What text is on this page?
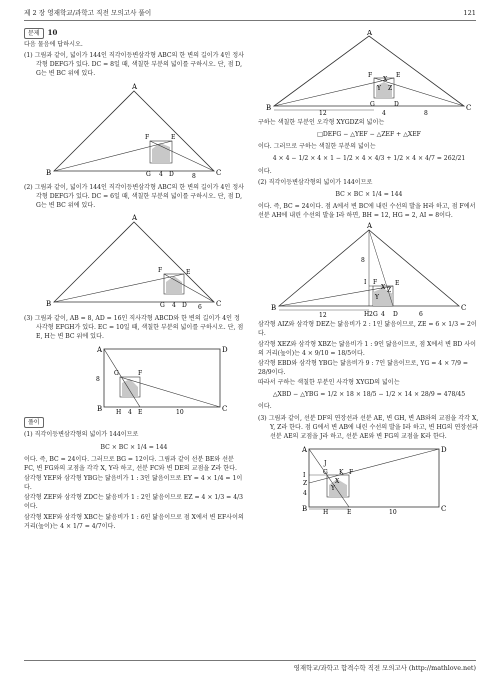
제 2 장 영재학교/과학고 직전 모의고사 풀이	121

문제 10

다음 물음에 답하시오.

(1) 그림과 같이, 넓이가 144인 직각이등변삼각형 ABC의 한 변의 길이가 4인 정사각형 DEFG가 있다. DC = 8일 때, 색칠한 부분의 넓이를 구하시오. 단, 점 D, G는 변 BC 위에 있다.

A
B	C
D
E
F
G 4	8

(2) 그림과 같이, 넓이가 144인 직각이등변삼각형 ABC의 한 변의 길이가 4인 정사각형 DEFG가 있다. DC = 6일 때, 색칠한 부분의 넓이를 구하시오. 단, 점 D, G는 변 BC 위에 있다.

A
B	C
D
E
F
G 4	6

(3) 그림과 같이, AB = 8, AD = 16인 직사각형 ABCD와 한 변의 길이가 4인 정사각형 EFGH가 있다. EC = 10일 때, 색칠한 부분의 넓이를 구하시오. 단, 점 E, H는 변 BC 위에 있다.

A
B	C
D
E
F
G
H 4
8
10

풀이

(1) 직각이등변삼각형의 넓이가 144이므로

BC × BC × 1/4 = 144

이다. 즉, BC = 24이다. 그러므로 BG = 12이다. 그림과 같이 선분 BE와 선분 FC, 변 FG와의 교점을 각각 X, Y라 하고, 선분 FC와 변 DE의 교점을 Z라 한다.

삼각형 YEF와 삼각형 YBG는 닮음비가 1 : 3인 닮음이므로 EY = 4 × 1/4 = 1이다.

삼각형 ZEF와 삼각형 ZDC는 닮음비가 1 : 2인 닮음이므로 EZ = 4 × 1/3 = 4/3이다.

삼각형 XEF와 삼각형 XBC는 닮음비가 1 : 6인 닮음이므로 점 X에서 변 EF사이의 거리(높이)는 4 × 1/7 = 4/7이다.

A
B	C
D
E
F
G
X
Y Z
12	4	8

구하는 색칠한 부분인 오각형 XYGDZ의 넓이는

□DEFG − △YEF − △ZEF + △XEF

이다. 그러므로 구하는 색칠한 부분의 넓이는

4 × 4 − 1/2 × 4 × 1 − 1/2 × 4 × 4/3 + 1/2 × 4 × 4/7 = 262/21

이다.

(2) 직각이등변삼각형의 넓이가 144이므로

BC × BC × 1/4 = 144

이다. 즉, BC = 24이다. 점 A에서 변 BC에 내린 수선의 발을 H라 하고, 점 F에서 선분 AH에 내린 수선의 발을 I라 하면, BH = 12, HG = 2, AI = 8이다.

A
B	C
D
E
F
G
H
I
X
Y
Z
12	2 4	6
8

삼각형 AIZ와 삼각형 DEZ는 닮음비가 2 : 1인 닮음이므로, ZE = 6 × 1/3 = 2이다.

삼각형 XEZ와 삼각형 XBZ는 닮음비가 1 : 9인 닮음이므로, 점 X에서 변 BD 사이의 거리(높이)는 4 × 9/10 = 18/5이다.

삼각형 EBD와 삼각형 YBG는 닮음비가 9 : 7인 닮음이므로, YG = 4 × 7/9 = 28/9이다.

따라서 구하는 색칠한 부분인 사각형 XYGD의 넓이는

△XBD − △YBG = 1/2 × 18 × 18/5 − 1/2 × 14 × 28/9 = 478/45

이다.

(3) 그림과 같이, 선분 DF의 연장선과 선분 AE, 변 GH, 변 AB와의 교점을 각각 X, Y, Z라 한다. 점 G에서 변 AB에 내린 수선의 발을 I라 하고, 변 HG의 연장선과 선분 AE의 교점을 J라 하고, 선분 AE와 변 FG의 교점을 K라 한다.

A
B	C
D
E
F
G
H
I
J
K
X
Y
Z
4
10
영재학교/과학고 합격수학 직전 모의고사 (http://mathlove.net)
